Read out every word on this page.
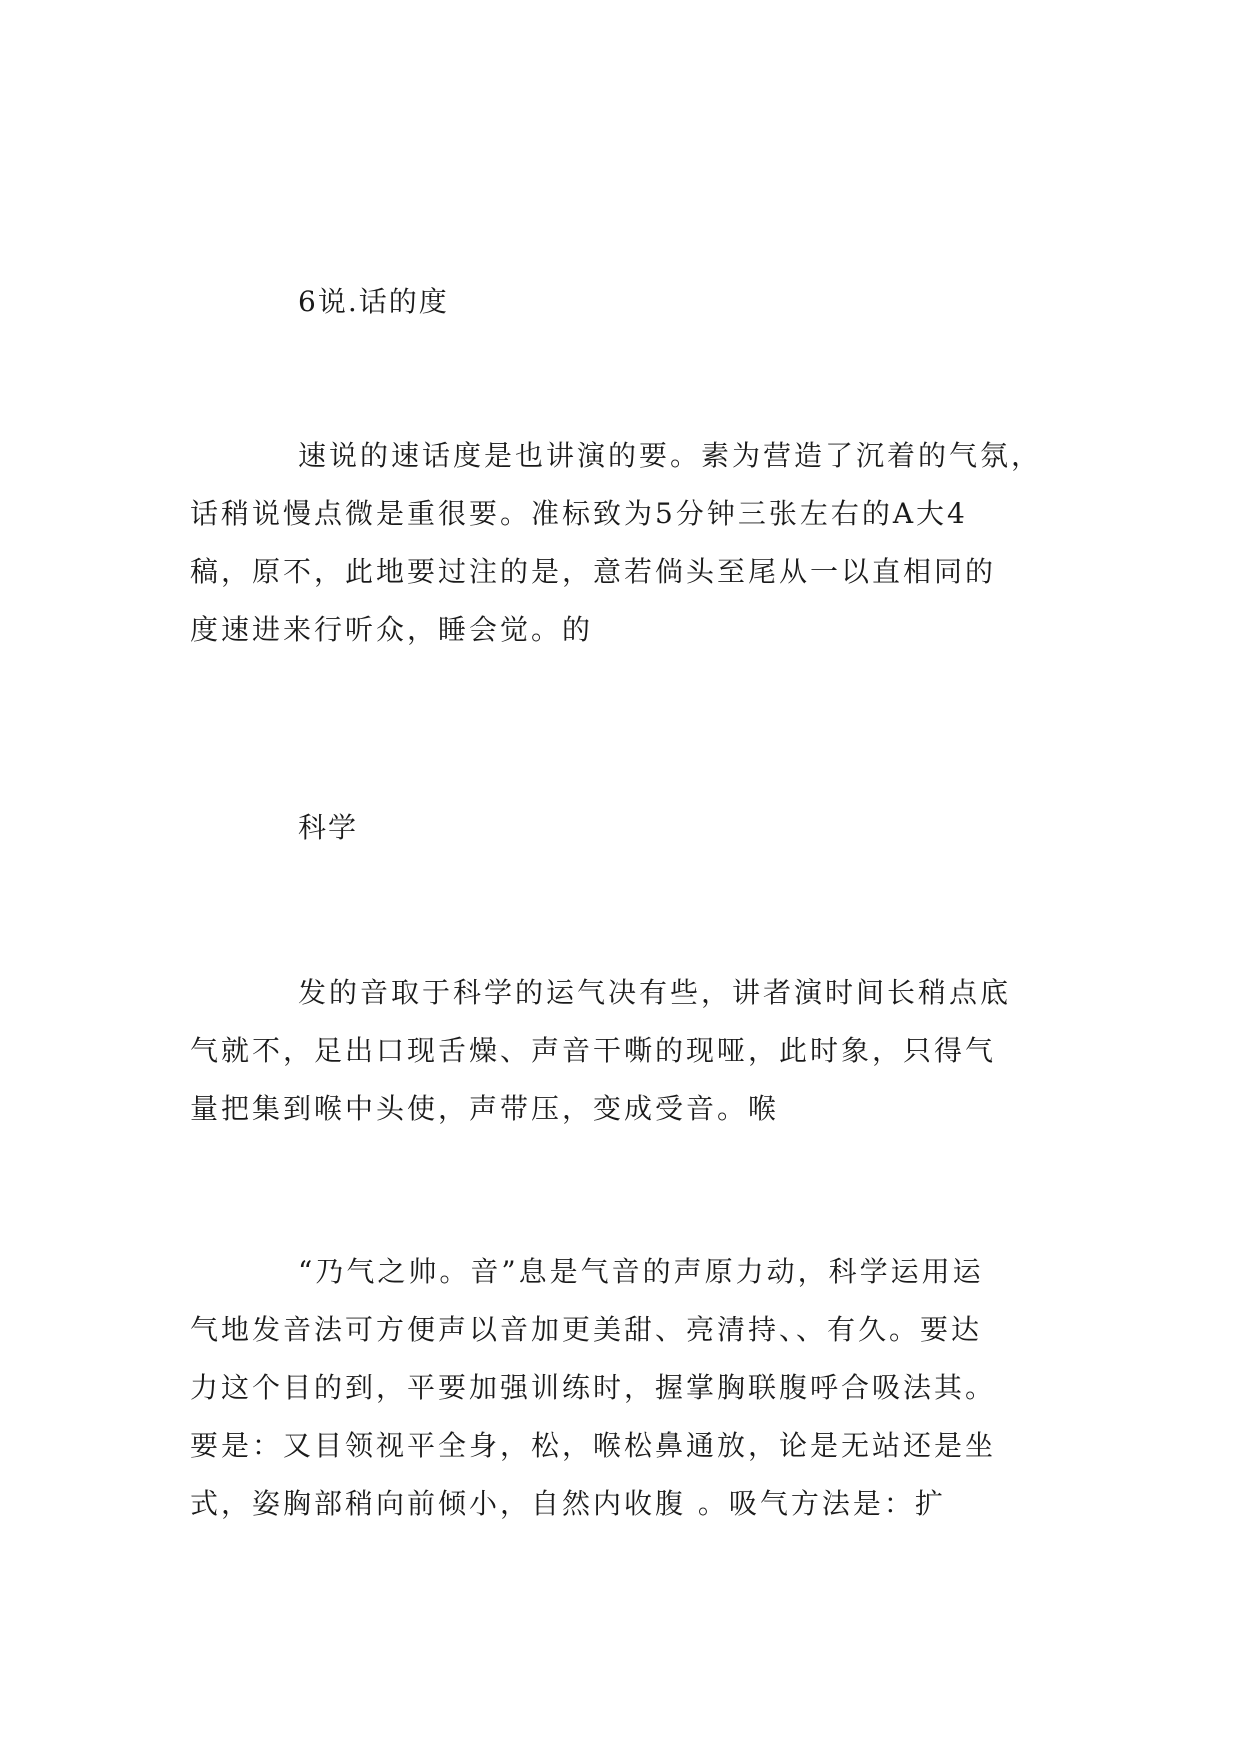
6说.话的度
速说的速话度是也讲演的要。素为营造了沉着的气氛，
话稍说慢点微是重很要。准标致为5分钟三张左右的A大4
稿，原不，此地要过注的是，意若倘头至尾从一以直相同的
度速进来行听众，睡会觉。的
科学
发的音取于科学的运气决有些，讲者演时间长稍点底
气就不，足出口现舌燥、声音干嘶的现哑，此时象，只得气
量把集到喉中头使，声带压，变成受音。喉
“乃气之帅。音”息是气音的声原力动，科学运用运
气地发音法可方便声以音加更美甜、亮清持、、有久。要达
力这个目的到，平要加强训练时，握掌胸联腹呼合吸法其。
要是：又目领视平全身，松，喉松鼻通放，论是无站还是坐
式，姿胸部稍向前倾小，自然内收腹 。吸气方法是：扩
